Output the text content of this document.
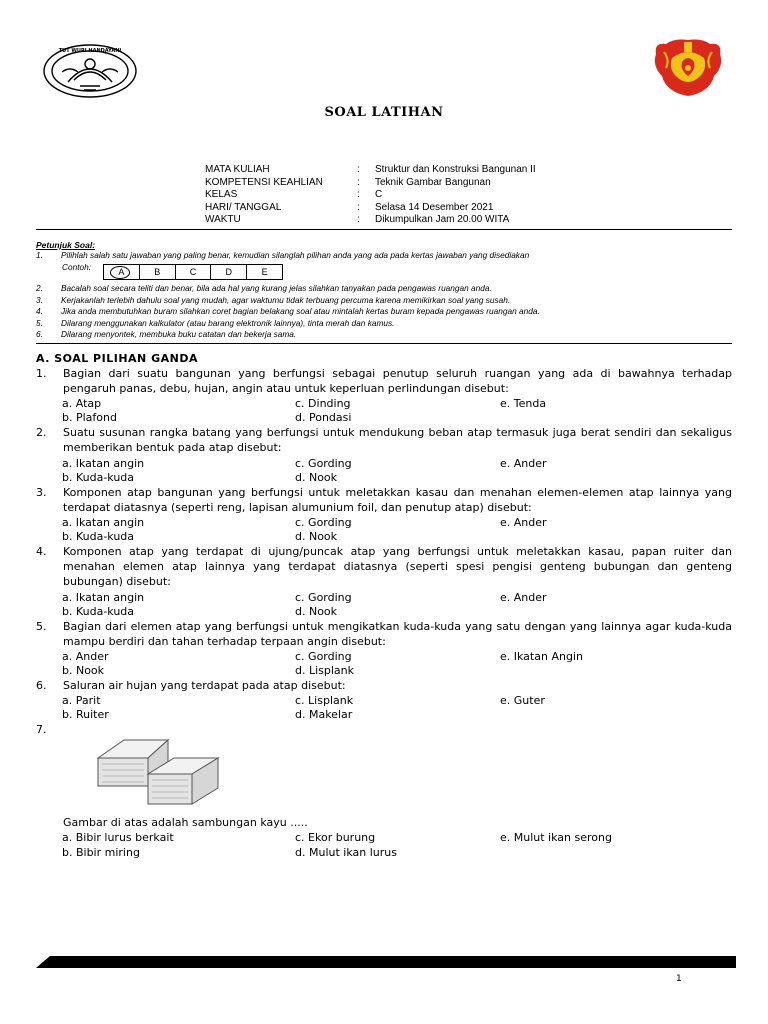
TUT WURI HANDAYANI
SOAL LATIHAN
MATA KULIAH	: Struktur dan Konstruksi Bangunan II
KOMPETENSI KEAHLIAN	: Teknik Gambar Bangunan
KELAS	: C
HARI/ TANGGAL	: Selasa 14 Desember 2021
WAKTU	: Dikumpulkan Jam 20.00 WITA
Petunjuk Soal:
1. Pilihlah salah satu jawaban yang paling benar, kemudian silanglah pilihan anda yang ada pada kertas jawaban yang disediakan
Contoh:	A	B	C	D	E
2. Bacalah soal secara teliti dan benar, bila ada hal yang kurang jelas silahkan tanyakan pada pengawas ruangan anda.
3. Kerjakanlah terlebih dahulu soal yang mudah, agar waktumu tidak terbuang percuma karena memikirkan soal yang susah.
4. Jika anda membutuhkan buram silahkan coret bagian belakang soal atau mintalah kertas buram kepada pengawas ruangan anda.
5. Dilarang menggunakan kalkulator (atau barang elektronik lainnya), tinta merah dan kamus.
6. Dilarang menyontek, membuka buku catatan dan bekerja sama.
A. SOAL PILIHAN GANDA
1. Bagian dari suatu bangunan yang berfungsi sebagai penutup seluruh ruangan yang ada di bawahnya terhadap
pengaruh panas, debu, hujan, angin atau untuk keperluan perlindungan disebut:
a. Atap	c. Dinding	e. Tenda
b. Plafond	d. Pondasi
2. Suatu susunan rangka batang yang berfungsi untuk mendukung beban atap termasuk juga berat sendiri dan sekaligus
memberikan bentuk pada atap disebut:
a. Ikatan angin	c. Gording	e. Ander
b. Kuda-kuda	d. Nook
3. Komponen atap bangunan yang berfungsi untuk meletakkan kasau dan menahan elemen-elemen atap lainnya yang
terdapat diatasnya (seperti reng, lapisan alumunium foil, dan penutup atap) disebut:
a. Ikatan angin	c. Gording	e. Ander
b. Kuda-kuda	d. Nook
4. Komponen atap yang terdapat di ujung/puncak atap yang berfungsi untuk meletakkan kasau, papan ruiter dan
menahan elemen atap lainnya yang terdapat diatasnya (seperti spesi pengisi genteng bubungan dan genteng
bubungan) disebut:
a. Ikatan angin	c. Gording	e. Ander
b. Kuda-kuda	d. Nook
5. Bagian dari elemen atap yang berfungsi untuk mengikatkan kuda-kuda yang satu dengan yang lainnya agar kuda-kuda
mampu berdiri dan tahan terhadap terpaan angin disebut:
a. Ander	c. Gording	e. Ikatan Angin
b. Nook	d. Lisplank
6. Saluran air hujan yang terdapat pada atap disebut:
a. Parit	c. Lisplank	e. Guter
b. Ruiter	d. Makelar
7.
Gambar di atas adalah sambungan kayu .....
a. Bibir lurus berkait	c. Ekor burung	e. Mulut ikan serong
b. Bibir miring	d. Mulut ikan lurus
1
